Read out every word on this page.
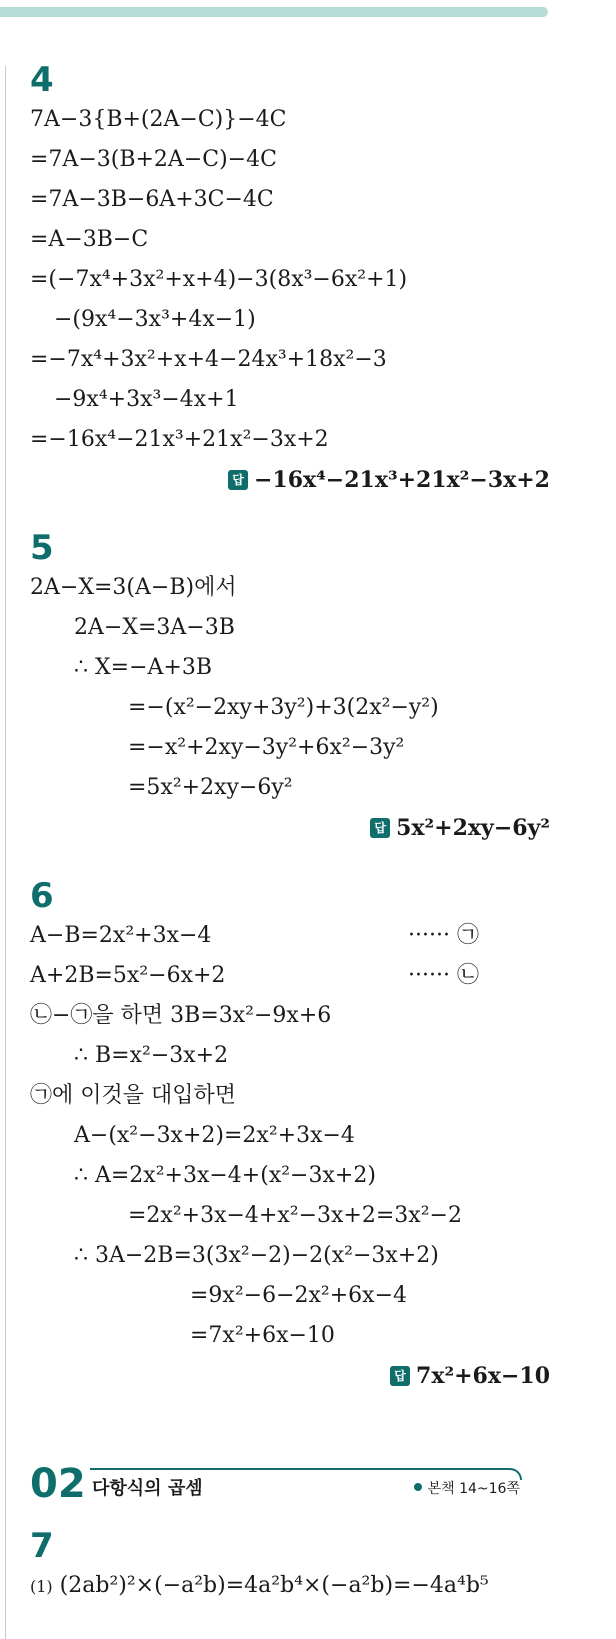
4
7A−3{B+(2A−C)}−4C
=7A−3(B+2A−C)−4C
=7A−3B−6A+3C−4C
=A−3B−C
=(−7x⁴+3x²+x+4)−3(8x³−6x²+1)
−(9x⁴−3x³+4x−1)
=−7x⁴+3x²+x+4−24x³+18x²−3
−9x⁴+3x³−4x+1
=−16x⁴−21x³+21x²−3x+2
답 −16x⁴−21x³+21x²−3x+2
5
2A−X=3(A−B)에서
2A−X=3A−3B
∴ X=−A+3B
=−(x²−2xy+3y²)+3(2x²−y²)
=−x²+2xy−3y²+6x²−3y²
=5x²+2xy−6y²
답 5x²+2xy−6y²
6
A−B=2x²+3x−4	······ ㉠
A+2B=5x²−6x+2	······ ㉡
㉡−㉠을 하면 3B=3x²−9x+6
∴ B=x²−3x+2
㉠에 이것을 대입하면
A−(x²−3x+2)=2x²+3x−4
∴ A=2x²+3x−4+(x²−3x+2)
=2x²+3x−4+x²−3x+2=3x²−2
∴ 3A−2B=3(3x²−2)−2(x²−3x+2)
=9x²−6−2x²+6x−4
=7x²+6x−10
답 7x²+6x−10
02 다항식의 곱셈	본책 14~16쪽
7
(1) (2ab²)²×(−a²b)=4a²b⁴×(−a²b)=−4a⁴b⁵
